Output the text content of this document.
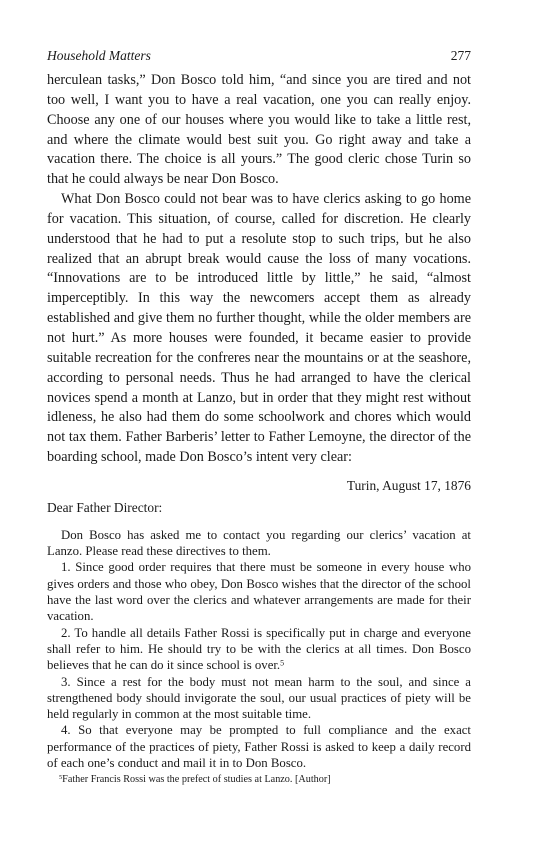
Household Matters	277

herculean tasks,” Don Bosco told him, “and since you are tired and not too well, I want you to have a real vacation, one you can really enjoy. Choose any one of our houses where you would like to take a little rest, and where the climate would best suit you. Go right away and take a vacation there. The choice is all yours.” The good cleric chose Turin so that he could always be near Don Bosco.

What Don Bosco could not bear was to have clerics asking to go home for vacation. This situation, of course, called for discretion. He clearly understood that he had to put a resolute stop to such trips, but he also realized that an abrupt break would cause the loss of many vocations. “Innovations are to be introduced little by little,” he said, “almost imperceptibly. In this way the newcomers accept them as already established and give them no further thought, while the older members are not hurt.” As more houses were founded, it became easier to provide suitable recreation for the confreres near the mountains or at the seashore, according to personal needs. Thus he had arranged to have the clerical novices spend a month at Lanzo, but in order that they might rest without idleness, he also had them do some schoolwork and chores which would not tax them. Father Barberis’ letter to Father Lemoyne, the director of the boarding school, made Don Bosco’s intent very clear:

Turin, August 17, 1876
Dear Father Director:

Don Bosco has asked me to contact you regarding our clerics’ vacation at Lanzo. Please read these directives to them.

1. Since good order requires that there must be someone in every house who gives orders and those who obey, Don Bosco wishes that the director of the school have the last word over the clerics and whatever arrangements are made for their vacation.

2. To handle all details Father Rossi is specifically put in charge and everyone shall refer to him. He should try to be with the clerics at all times. Don Bosco believes that he can do it since school is over.$^5$

3. Since a rest for the body must not mean harm to the soul, and since a strengthened body should invigorate the soul, our usual practices of piety will be held regularly in common at the most suitable time.

4. So that everyone may be prompted to full compliance and the exact performance of the practices of piety, Father Rossi is asked to keep a daily record of each one’s conduct and mail it in to Don Bosco.

$^5$Father Francis Rossi was the prefect of studies at Lanzo. [Author]
